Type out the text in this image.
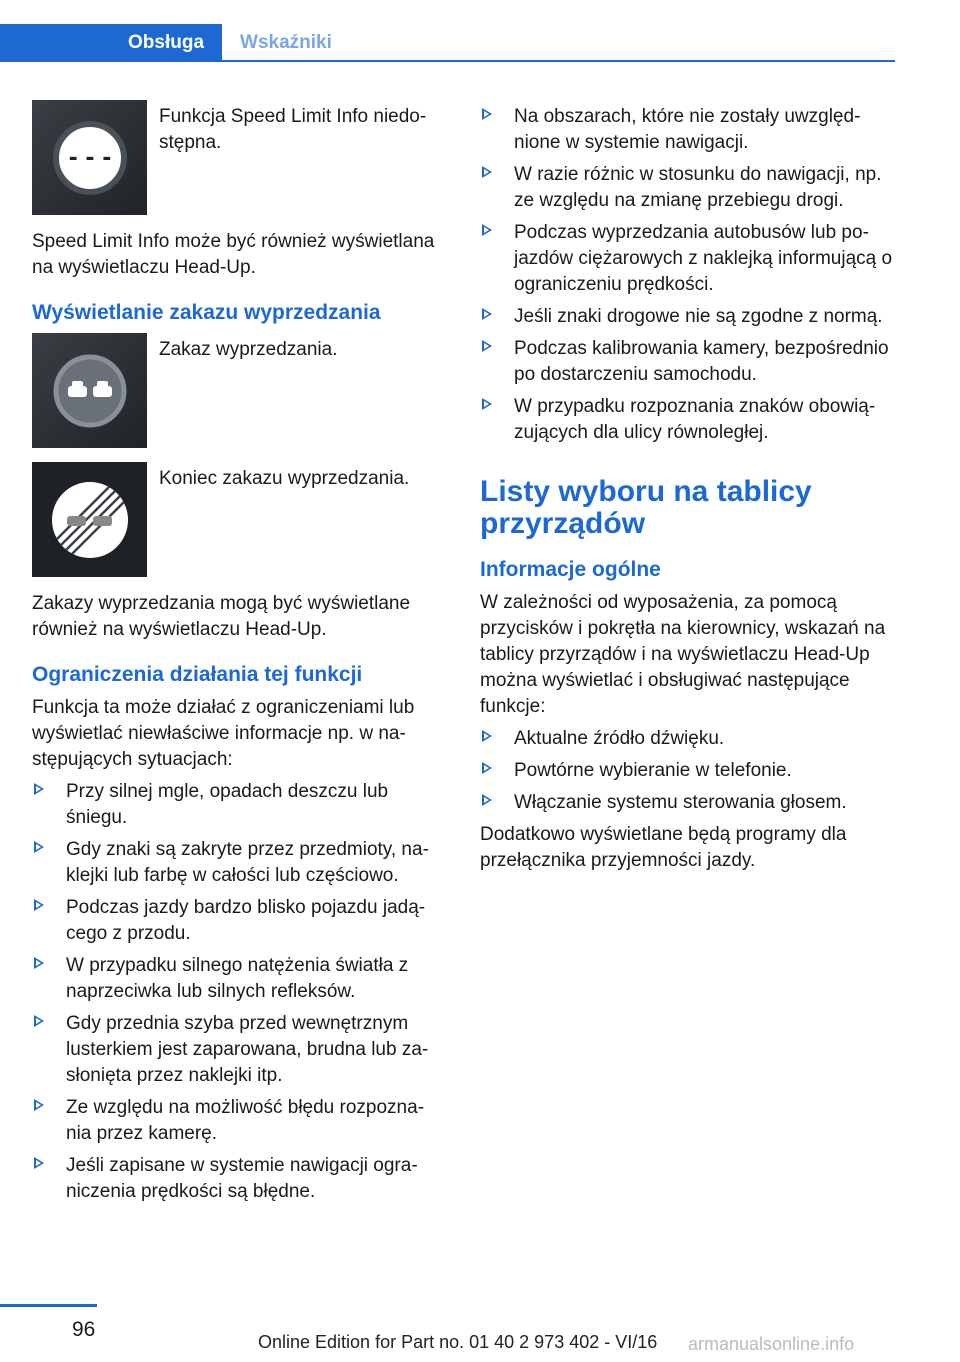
Obsługa	Wskaźniki
- - -
Funkcja Speed Limit Info niedostępna.

Speed Limit Info może być również wyświetlana na wyświetlaczu Head-Up.

Wyświetlanie zakazu wyprzedzania
Zakaz wyprzedzania.
Koniec zakazu wyprzedzania.

Zakazy wyprzedzania mogą być wyświetlane również na wyświetlaczu Head-Up.

Ograniczenia działania tej funkcji

Funkcja ta może działać z ograniczeniami lub wyświetlać niewłaściwe informacje np. w następujących sytuacjach:

Przy silnej mgle, opadach deszczu lub śniegu.
Gdy znaki są zakryte przez przedmioty, naklejki lub farbę w całości lub częściowo.
Podczas jazdy bardzo blisko pojazdu jadącego z przodu.
W przypadku silnego natężenia światła z naprzeciwka lub silnych refleksów.
Gdy przednia szyba przed wewnętrznym lusterkiem jest zaparowana, brudna lub zasłonięta przez naklejki itp.
Ze względu na możliwość błędu rozpoznania przez kamerę.
Jeśli zapisane w systemie nawigacji ograniczenia prędkości są błędne.
Na obszarach, które nie zostały uwzględnione w systemie nawigacji.
W razie różnic w stosunku do nawigacji, np. ze względu na zmianę przebiegu drogi.
Podczas wyprzedzania autobusów lub pojazdów ciężarowych z naklejką informującą o ograniczeniu prędkości.
Jeśli znaki drogowe nie są zgodne z normą.
Podczas kalibrowania kamery, bezpośrednio po dostarczeniu samochodu.
W przypadku rozpoznania znaków obowiązujących dla ulicy równoległej.
Listy wyboru na tablicy przyrządów
Informacje ogólne

W zależności od wyposażenia, za pomocą przycisków i pokrętła na kierownicy, wskazań na tablicy przyrządów i na wyświetlaczu Head-Up można wyświetlać i obsługiwać następujące funkcje:

Aktualne źródło dźwięku.
Powtórne wybieranie w telefonie.
Włączanie systemu sterowania głosem.

Dodatkowo wyświetlane będą programy dla przełącznika przyjemności jazdy.

96
Online Edition for Part no. 01 40 2 973 402 - VI/16 armanualsonline.info
